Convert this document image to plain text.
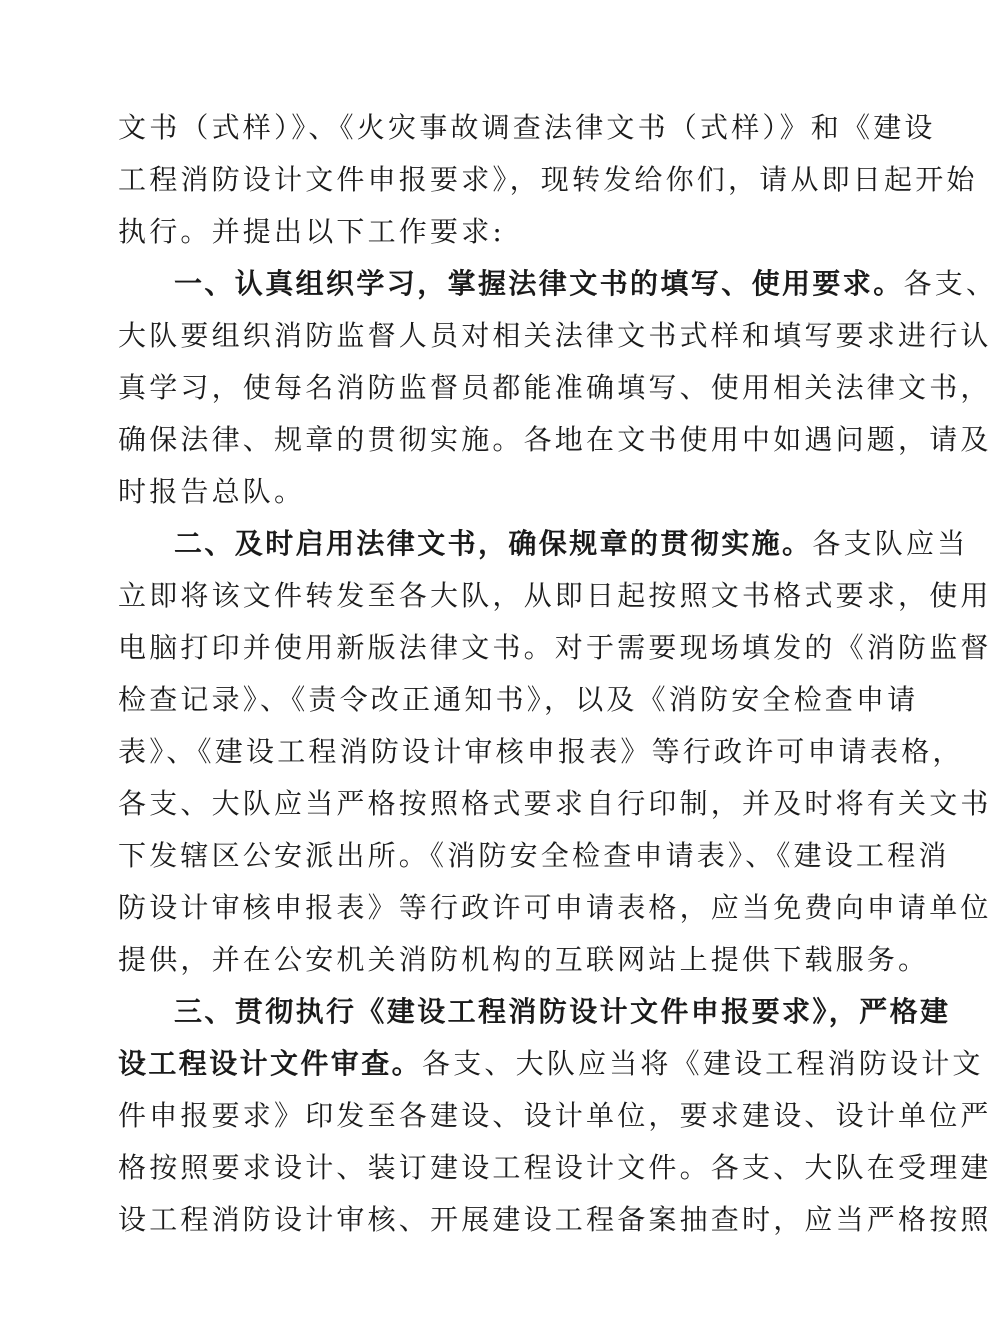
文书（式样）》、《火灾事故调查法律文书（式样）》和《建设
工程消防设计文件申报要求》，现转发给你们，请从即日起开始
执行。并提出以下工作要求:
一、认真组织学习，掌握法律文书的填写、使用要求。各支、
大队要组织消防监督人员对相关法律文书式样和填写要求进行认
真学习，使每名消防监督员都能准确填写、使用相关法律文书，
确保法律、规章的贯彻实施。各地在文书使用中如遇问题，请及
时报告总队。
二、及时启用法律文书，确保规章的贯彻实施。各支队应当
立即将该文件转发至各大队，从即日起按照文书格式要求，使用
电脑打印并使用新版法律文书。对于需要现场填发的《消防监督
检查记录》、《责令改正通知书》，以及《消防安全检查申请
表》、《建设工程消防设计审核申报表》等行政许可申请表格，
各支、大队应当严格按照格式要求自行印制，并及时将有关文书
下发辖区公安派出所。《消防安全检查申请表》、《建设工程消
防设计审核申报表》等行政许可申请表格，应当免费向申请单位
提供，并在公安机关消防机构的互联网站上提供下载服务。
三、贯彻执行《建设工程消防设计文件申报要求》，严格建
设工程设计文件审查。各支、大队应当将《建设工程消防设计文
件申报要求》印发至各建设、设计单位，要求建设、设计单位严
格按照要求设计、装订建设工程设计文件。各支、大队在受理建
设工程消防设计审核、开展建设工程备案抽查时，应当严格按照
